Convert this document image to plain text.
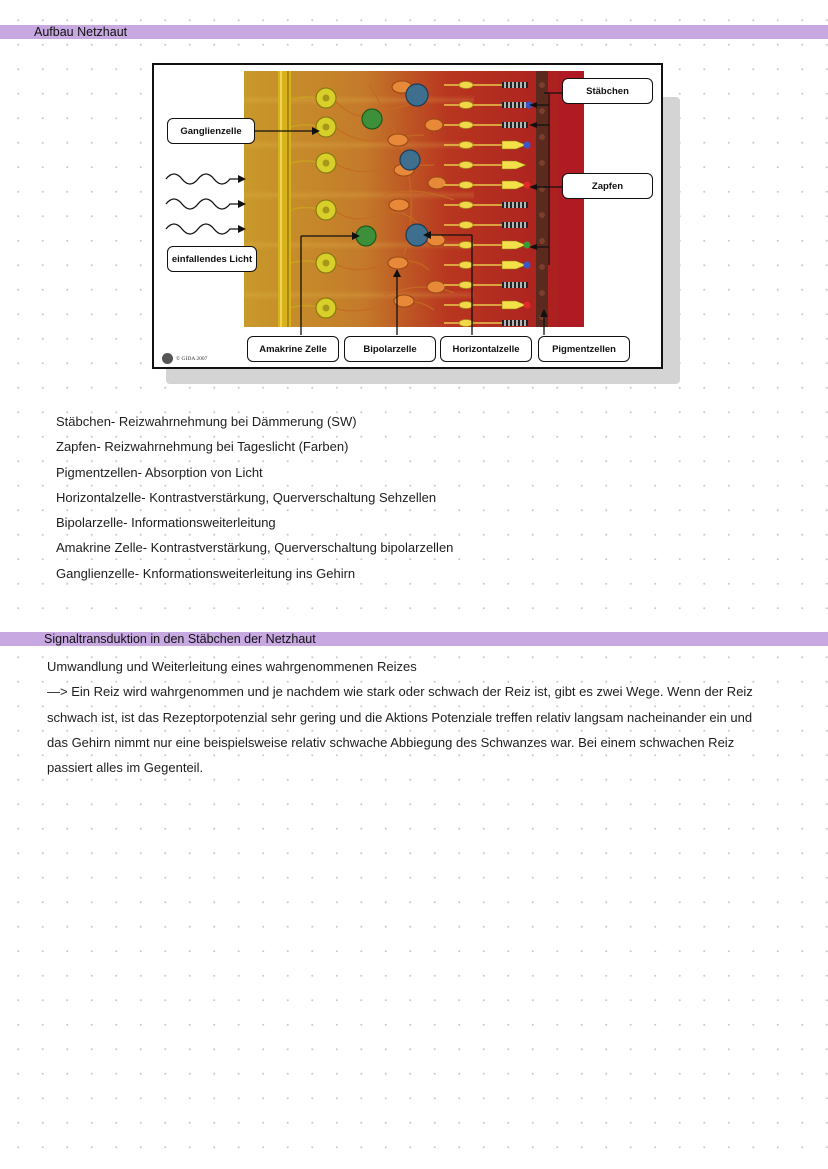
Aufbau Netzhaut
Stäbchen
Ganglienzelle
Zapfen
einfallendes Licht
Amakrine Zelle	Bipolarzelle	Horizontalzelle	Pigmentzellen
© GIDA 2007
Stäbchen- Reizwahrnehmung bei Dämmerung (SW)
Zapfen- Reizwahrnehmung bei Tageslicht (Farben)
Pigmentzellen- Absorption von Licht
Horizontalzelle- Kontrastverstärkung, Querverschaltung Sehzellen
Bipolarzelle- Informationsweiterleitung
Amakrine Zelle- Kontrastverstärkung, Querverschaltung bipolarzellen
Ganglienzelle- Knformationsweiterleitung ins Gehirn
Signaltransduktion in den Stäbchen der Netzhaut

Umwandlung und Weiterleitung eines wahrgenommenen Reizes

—> Ein Reiz wird wahrgenommen und je nachdem wie stark oder schwach der Reiz ist, gibt es zwei Wege. Wenn der Reiz

schwach ist, ist das Rezeptorpotenzial sehr gering und die Aktions Potenziale treffen relativ langsam nacheinander ein und

das Gehirn nimmt nur eine beispielsweise relativ schwache Abbiegung des Schwanzes war. Bei einem schwachen Reiz

passiert alles im Gegenteil.
